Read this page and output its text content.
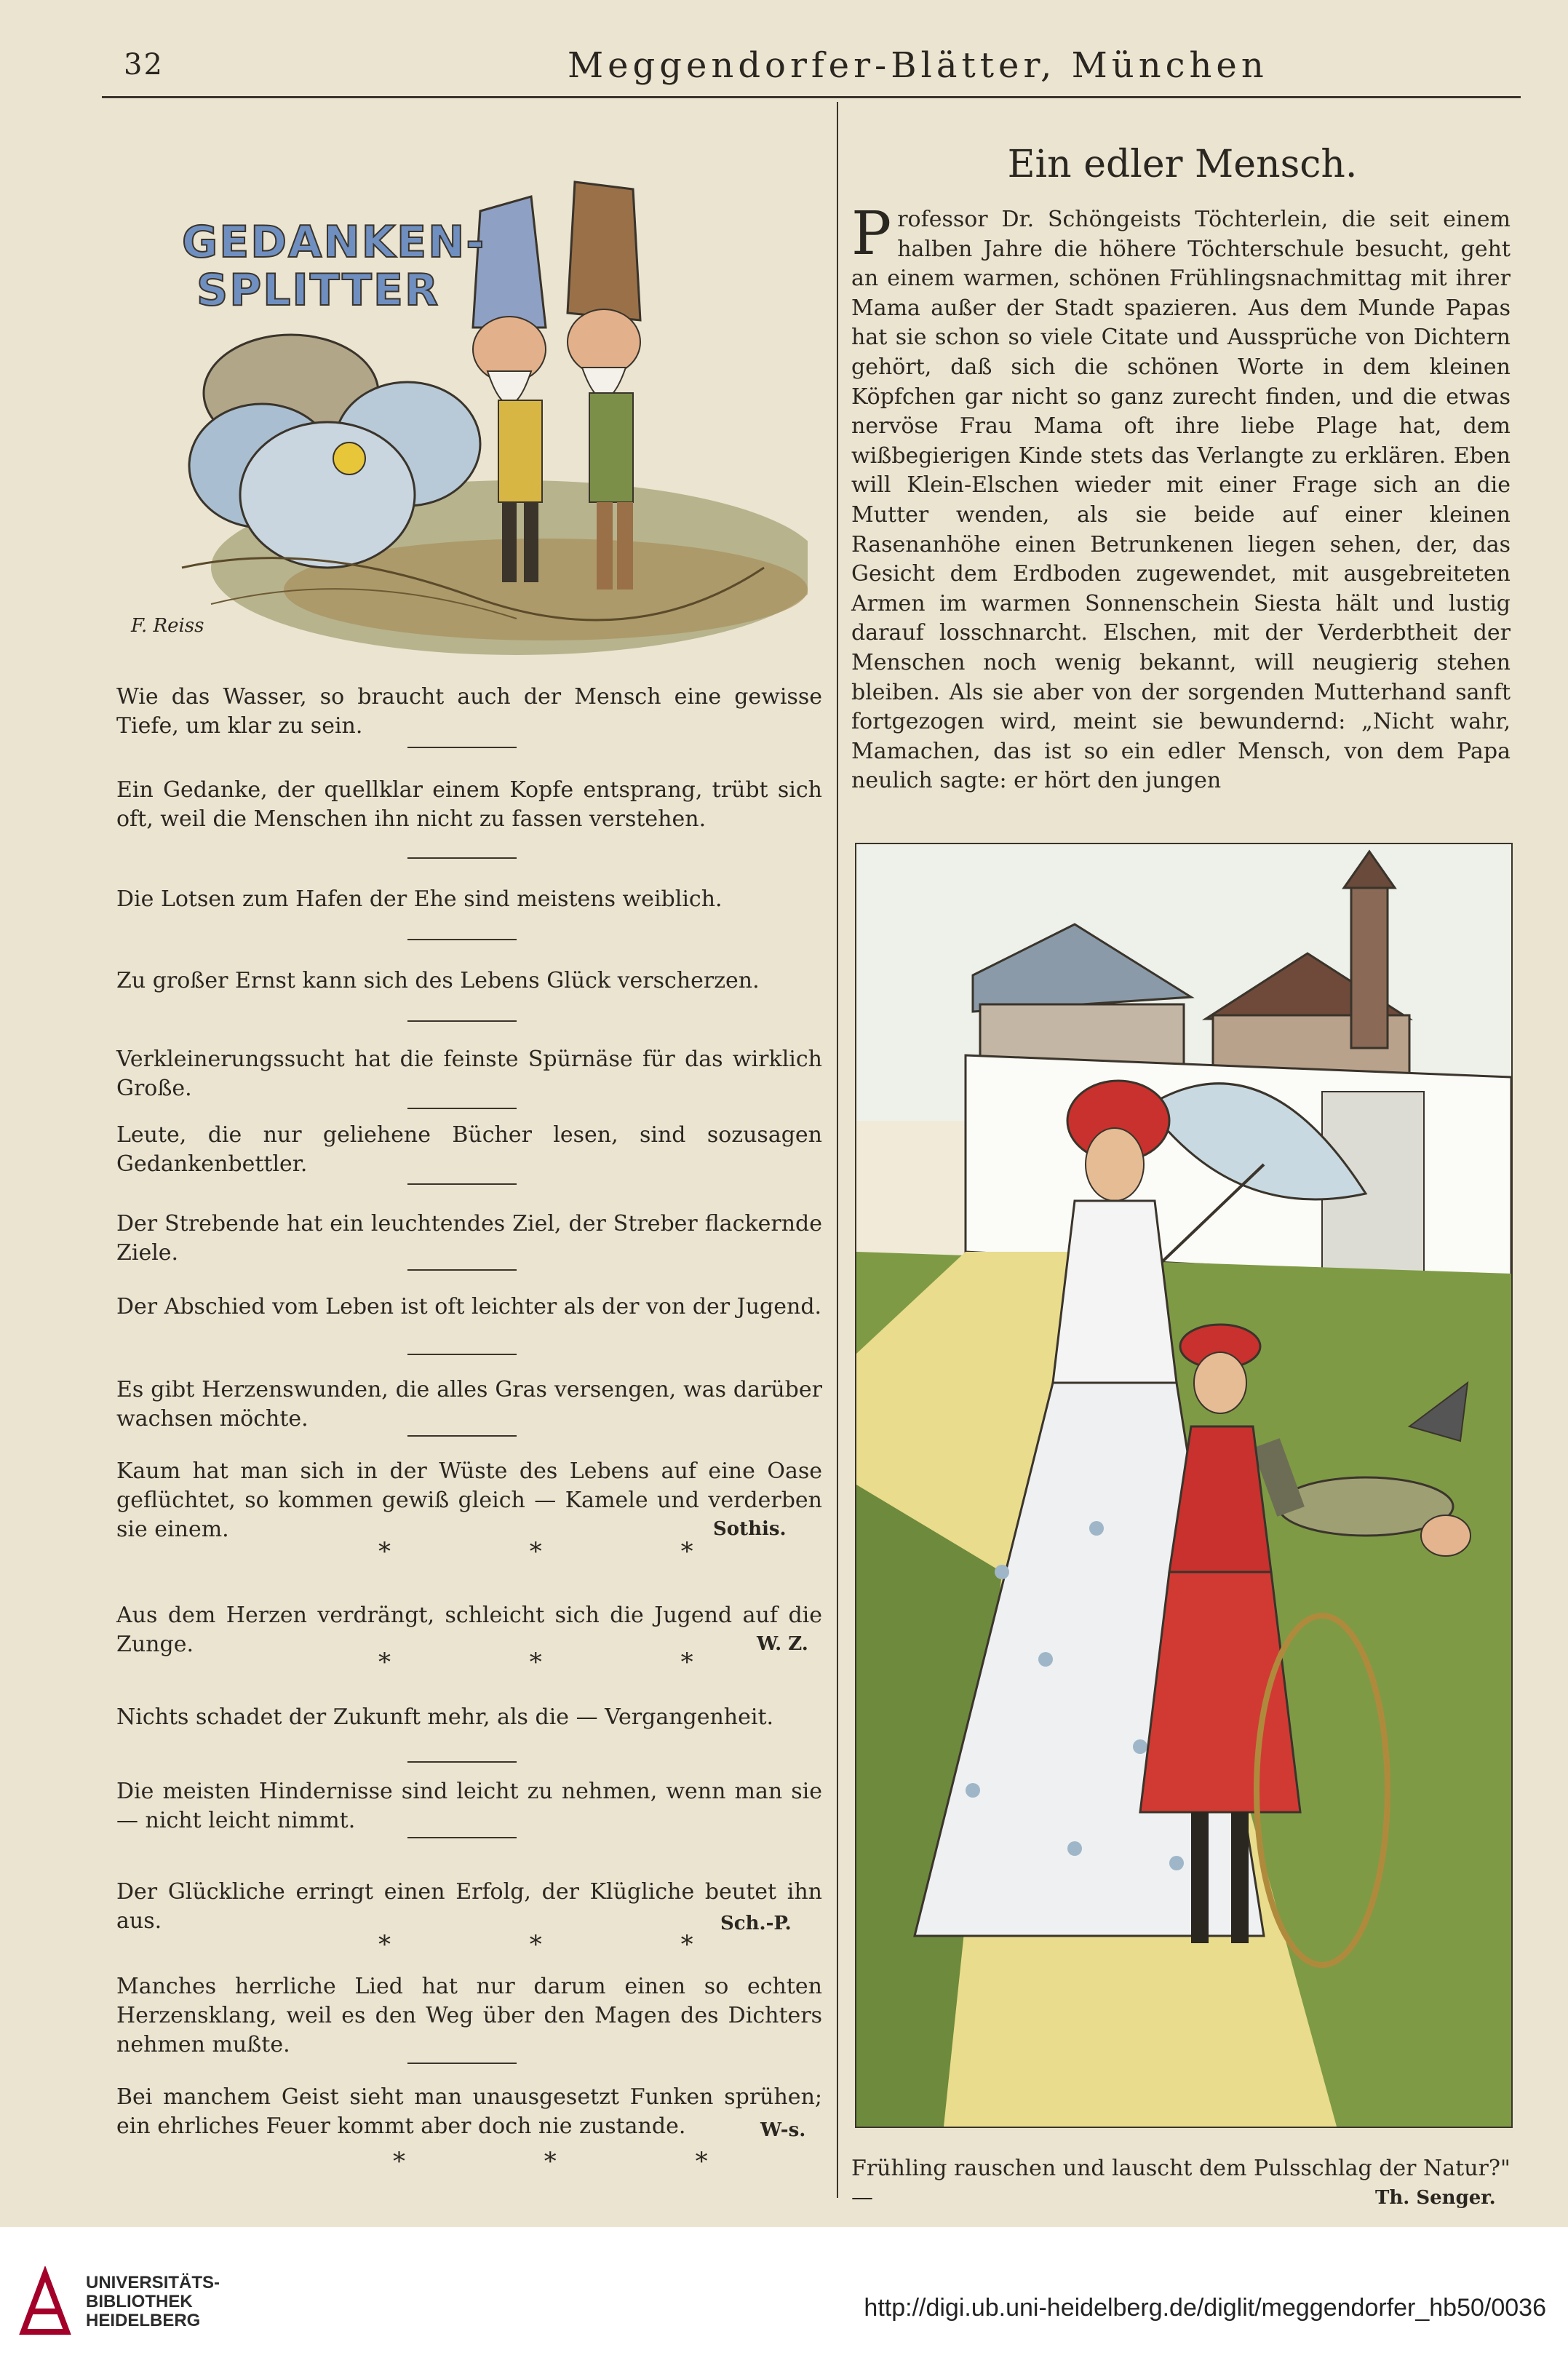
32	Meggendorfer-Blätter, München
GEDANKEN-
SPLITTER
F. Reiss
Wie das Wasser, so braucht auch der Mensch eine gewisse Tiefe, um klar zu sein.
Ein Gedanke, der quellklar einem Kopfe entsprang, trübt sich oft, weil die Menschen ihn nicht zu fassen verstehen.
Die Lotsen zum Hafen der Ehe sind meistens weiblich.
Zu großer Ernst kann sich des Lebens Glück verscherzen.
Verkleinerungssucht hat die feinste Spürnäse für das wirklich Große.
Leute, die nur geliehene Bücher lesen, sind sozusagen Gedankenbettler.
Der Strebende hat ein leuchtendes Ziel, der Streber flackernde Ziele.
Der Abschied vom Leben ist oft leichter als der von der Jugend.
Es gibt Herzenswunden, die alles Gras versengen, was darüber wachsen möchte.
Kaum hat man sich in der Wüste des Lebens auf eine Oase geflüchtet, so kommen gewiß gleich — Kamele und verderben sie einem.	Sothis.
* * *
Aus dem Herzen verdrängt, schleicht sich die Jugend auf die Zunge.	W. Z.
* * *
Nichts schadet der Zukunft mehr, als die — Vergangenheit.
Die meisten Hindernisse sind leicht zu nehmen, wenn man sie — nicht leicht nimmt.
Der Glückliche erringt einen Erfolg, der Klügliche beutet ihn aus.	Sch.-P.
* * *
Manches herrliche Lied hat nur darum einen so echten Herzensklang, weil es den Weg über den Magen des Dichters nehmen mußte.
Bei manchem Geist sieht man unausgesetzt Funken sprühen; ein ehrliches Feuer kommt aber doch nie zustande.	W-s.
* * *
Ein edler Mensch.
Professor Dr. Schöngeists Töchterlein, die seit einem halben Jahre die höhere Töchterschule besucht, geht an einem warmen, schönen Frühlingsnachmittag mit ihrer Mama außer der Stadt spazieren. Aus dem Munde Papas hat sie schon so viele Citate und Aussprüche von Dichtern gehört, daß sich die schönen Worte in dem kleinen Köpfchen gar nicht so ganz zurecht finden, und die etwas nervöse Frau Mama oft ihre liebe Plage hat, dem wißbegierigen Kinde stets das Verlangte zu erklären. Eben will Klein-Elschen wieder mit einer Frage sich an die Mutter wenden, als sie beide auf einer kleinen Rasenanhöhe einen Betrunkenen liegen sehen, der, das Gesicht dem Erdboden zugewendet, mit ausgebreiteten Armen im warmen Sonnenschein Siesta hält und lustig darauf losschnarcht. Elschen, mit der Verderbtheit der Menschen noch wenig bekannt, will neugierig stehen bleiben. Als sie aber von der sorgenden Mutterhand sanft fortgezogen wird, meint sie bewundernd: „Nicht wahr, Mamachen, das ist so ein edler Mensch, von dem Papa neulich sagte: er hört den jungen
Frühling rauschen und lauscht dem Pulsschlag der Natur?" —	Th. Senger.
UNIVERSITÄTS-
BIBLIOTHEK
HEIDELBERG	http://digi.ub.uni-heidelberg.de/diglit/meggendorfer_hb50/0036
